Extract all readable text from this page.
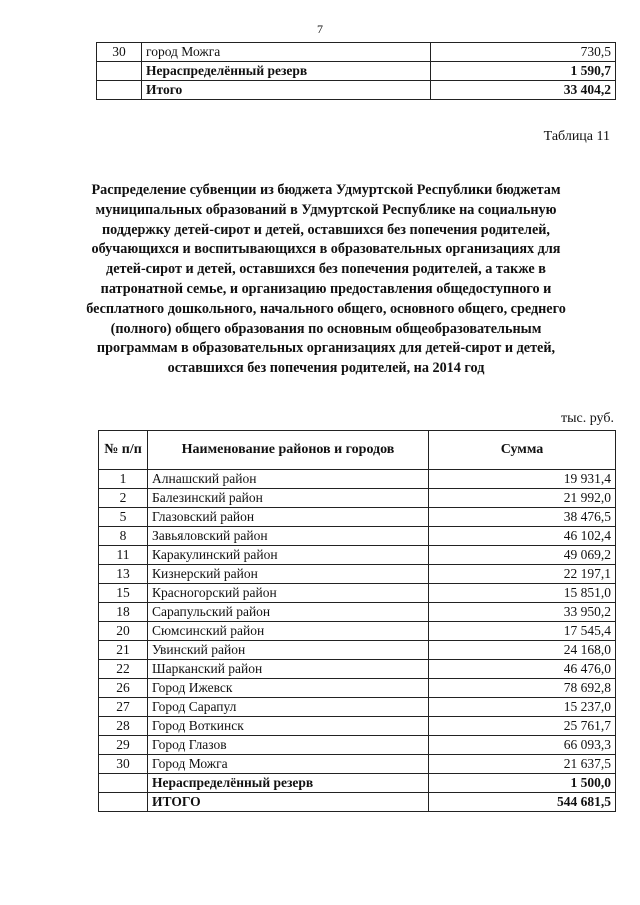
7
30	город Можга	730,5
	Нераспределённый резерв	1 590,7
	Итого	33 404,2
Таблица 11
Распределение субвенции из бюджета Удмуртской Республики бюджетам муниципальных образований в Удмуртской Республике на социальную поддержку детей-сирот и детей, оставшихся без попечения родителей, обучающихся и воспитывающихся в образовательных организациях для детей-сирот и детей, оставшихся без попечения родителей, а также в патронатной семье, и организацию предоставления общедоступного и бесплатного дошкольного, начального общего, основного общего, среднего (полного) общего образования по основным общеобразовательным программам в образовательных организациях для детей-сирот и детей, оставшихся без попечения родителей, на 2014 год
тыс. руб.
№ п/п	Наименование районов и городов	Сумма
1	Алнашский район	19 931,4
2	Балезинский район	21 992,0
5	Глазовский район	38 476,5
8	Завьяловский район	46 102,4
11	Каракулинский район	49 069,2
13	Кизнерский район	22 197,1
15	Красногорский район	15 851,0
18	Сарапульский район	33 950,2
20	Сюмсинский район	17 545,4
21	Увинский район	24 168,0
22	Шарканский район	46 476,0
26	Город Ижевск	78 692,8
27	Город Сарапул	15 237,0
28	Город Воткинск	25 761,7
29	Город Глазов	66 093,3
30	Город Можга	21 637,5
	Нераспределённый резерв	1 500,0
	ИТОГО	544 681,5
